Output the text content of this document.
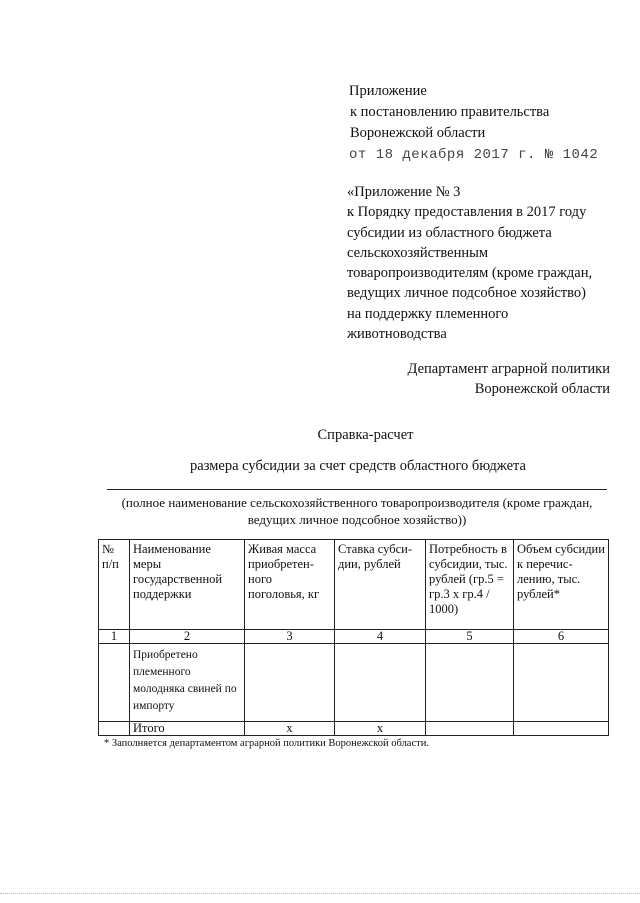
Приложение
к постановлению правительства
Воронежской области
от 18 декабря 2017 г. № 1042
«Приложение № 3
к Порядку предоставления в 2017 году
субсидии из областного бюджета
сельскохозяйственным
товаропроизводителям (кроме граждан,
ведущих личное подсобное хозяйство)
на поддержку племенного
животноводства
Департамент аграрной политики
Воронежской области
Справка-расчет
размера субсидии за счет средств областного бюджета
(полное наименование сельскохозяйственного товаропроизводителя (кроме граждан, ведущих личное подсобное хозяйство))
№ п/п	Наименование меры государственной поддержки	Живая масса приобретен-ного поголовья, кг	Ставка субси-дии, рублей	Потребность в субсидии, тыс. рублей (гр.5 = гр.3 x гр.4 / 1000)	Объем субсидии к перечис-лению, тыс. рублей*
1	2	3	4	5	6
	Приобретено племенного молодняка свиней по импорту				
	Итого	x	x		
* Заполняется департаментом аграрной политики Воронежской области.
